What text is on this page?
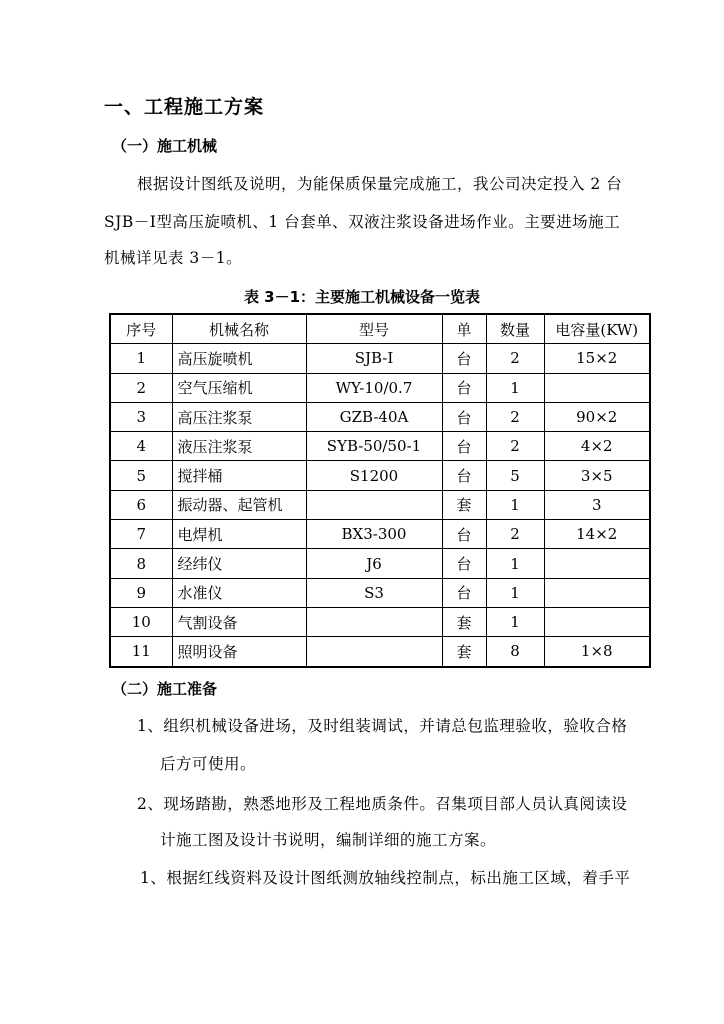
一、工程施工方案
（一）施工机械
根据设计图纸及说明，为能保质保量完成施工，我公司决定投入 2 台
SJB－Ⅰ型高压旋喷机、1 台套单、双液注浆设备进场作业。主要进场施工
机械详见表 3－1。
表 3－1：主要施工机械设备一览表
序号	机械名称	型号	单	数量	电容量(KW)
1	高压旋喷机	SJB-Ⅰ	台	2	15×2
2	空气压缩机	WY-10/0.7	台	1	
3	高压注浆泵	GZB-40A	台	2	90×2
4	液压注浆泵	SYB-50/50-1	台	2	4×2
5	搅拌桶	S1200	台	5	3×5
6	振动器、起管机		套	1	3
7	电焊机	BX3-300	台	2	14×2
8	经纬仪	J6	台	1	
9	水准仪	S3	台	1	
10	气割设备		套	1	
11	照明设备		套	8	1×8
（二）施工准备
1、组织机械设备进场，及时组装调试，并请总包监理验收，验收合格
后方可使用。
2、现场踏勘，熟悉地形及工程地质条件。召集项目部人员认真阅读设
计施工图及设计书说明，编制详细的施工方案。
1、根据红线资料及设计图纸测放轴线控制点，标出施工区域，着手平
